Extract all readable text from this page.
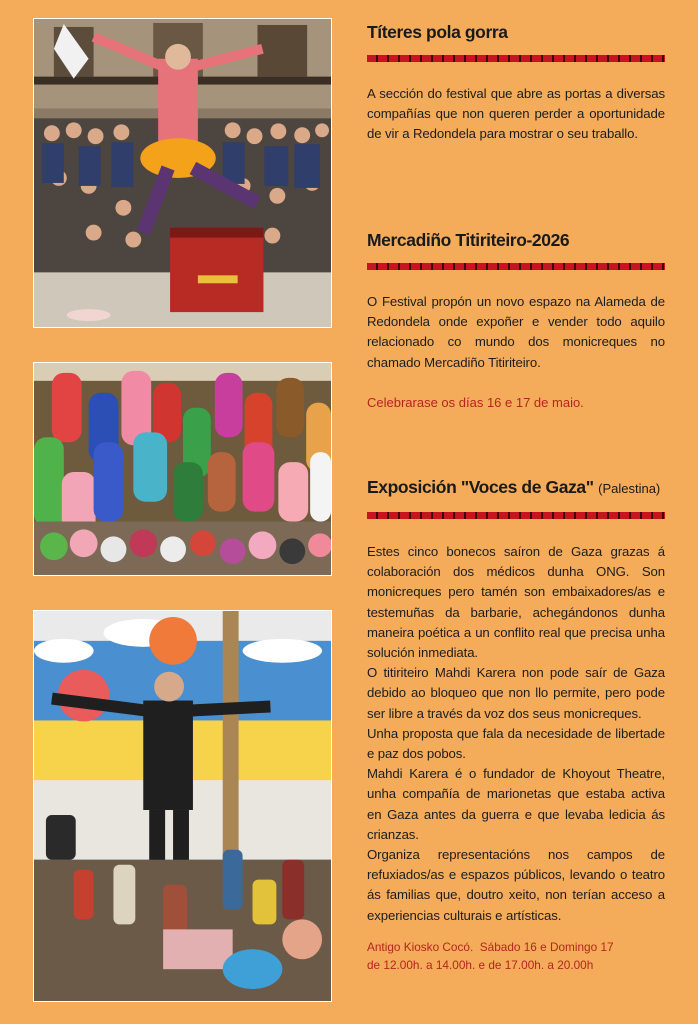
Títeres pola gorra

A sección do festival que abre as portas a diversas compañías que non queren perder a oportunidade de vir a Redondela para mostrar o seu traballo.

Mercadiño Titiriteiro-2026

O Festival propón un novo espazo na Alameda de Redondela onde expoñer e vender todo aquilo relacionado co mundo dos monicreques no chamado Mercadiño Titiriteiro.

Celebrarase os días 16 e 17 de maio.
Exposición "Voces de Gaza" (Palestina)

Estes cinco bonecos saíron de Gaza grazas á colaboración dos médicos dunha ONG. Son monicreques pero tamén son embaixadores/as e testemuñas da barbarie, achegándonos dunha maneira poética a un conflito real que precisa unha solución inmediata.

O titiriteiro Mahdi Karera non pode saír de Gaza debido ao bloqueo que non llo permite, pero pode ser libre a través da voz dos seus monicreques.

Unha proposta que fala da necesidade de libertade e paz dos pobos.

Mahdi Karera é o fundador de Khoyout Theatre, unha compañía de marionetas que estaba activa en Gaza antes da guerra e que levaba ledicia ás crianzas.

Organiza representacións nos campos de refuxiados/as e espazos públicos, levando o teatro ás familias que, doutro xeito, non terían acceso a experiencias culturais e artísticas.

Antigo Kiosko Cocó.  Sábado 16 e Domingo 17
de 12.00h. a 14.00h. e de 17.00h. a 20.00h
